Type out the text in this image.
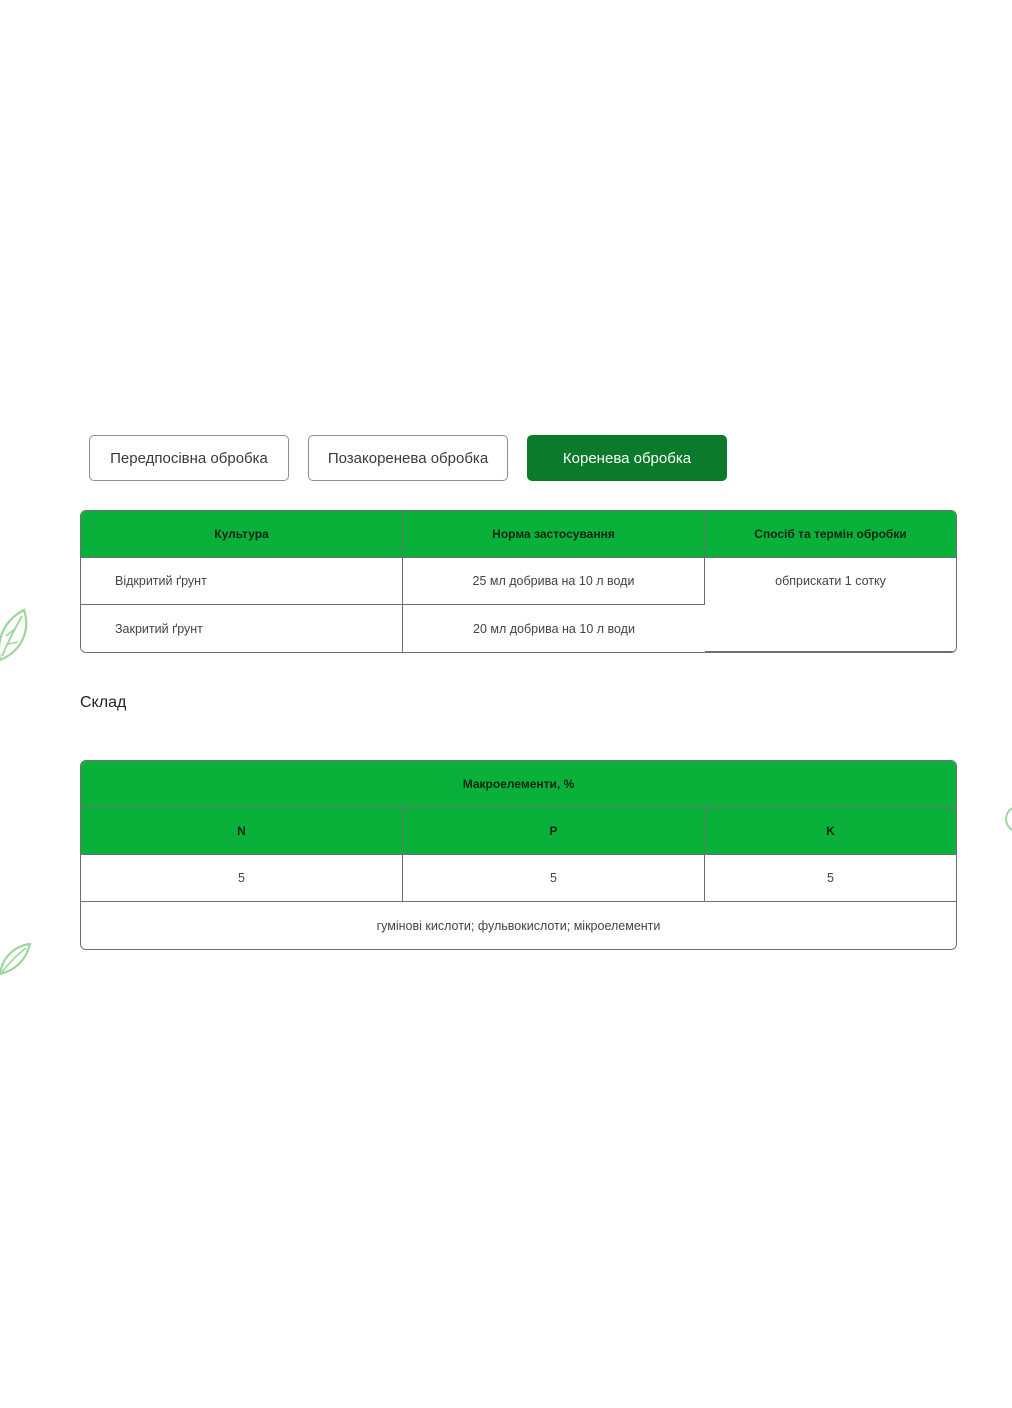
Передпосівна обробка	Позакоренева обробка	Коренева обробка
Культура	Норма застосування	Спосіб та термін обробки
Відкритий ґрунт	25 мл добрива на 10 л води	обприскати 1 сотку
Закритий ґрунт	20 мл добрива на 10 л води	
Склад
Макроелементи, %		
N	P	K
5	5	5
гумінові кислоти; фульвокислоти; мікроелементи		
